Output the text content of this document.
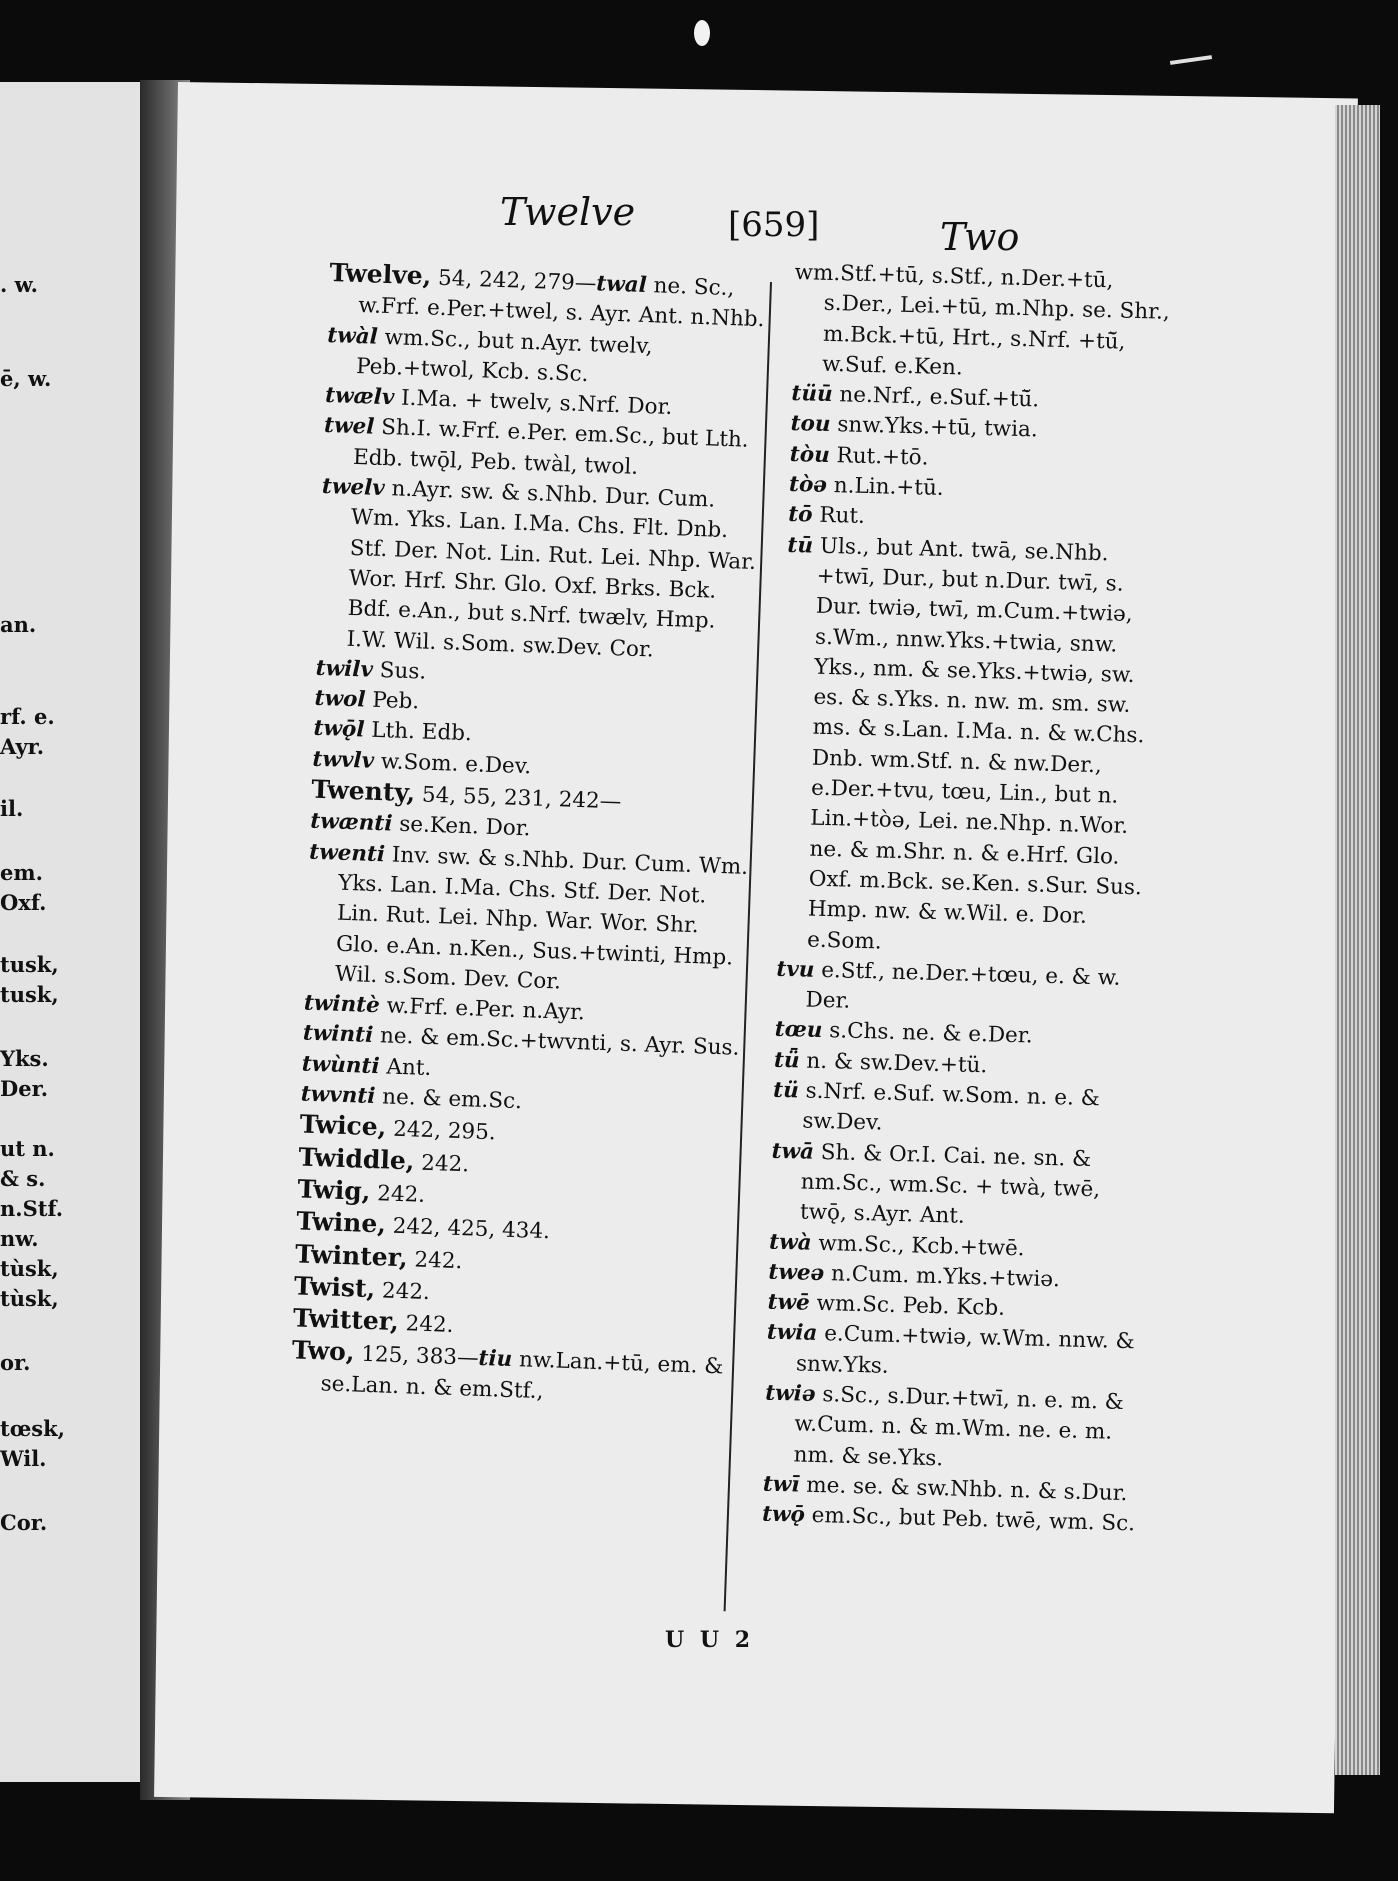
. w.
ē, w.
an.
rf. e.
Ayr.
il.
em.
Oxf.
tusk,
tusk,
Yks.
Der.
ut n.
& s.
n.Stf.
nw.
tùsk,
tùsk,
or.
tœsk,
Wil.
Cor.
Twelve	[659]	Two

Twelve, 54, 242, 279—twal ne. Sc., w.Frf. e.Per.+twel, s. Ayr. Ant. n.Nhb.

twàl wm.Sc., but n.Ayr. twelv, Peb.+twol, Kcb. s.Sc.

twælv I.Ma. + twelv, s.Nrf. Dor.

twel Sh.I. w.Frf. e.Per. em.Sc., but Lth. Edb. twǭl, Peb. twàl, twol.

twelv n.Ayr. sw. & s.Nhb. Dur. Cum. Wm. Yks. Lan. I.Ma. Chs. Flt. Dnb. Stf. Der. Not. Lin. Rut. Lei. Nhp. War. Wor. Hrf. Shr. Glo. Oxf. Brks. Bck. Bdf. e.An., but s.Nrf. twælv, Hmp. I.W. Wil. s.Som. sw.Dev. Cor.

twilv Sus.

twol Peb.

twǭl Lth. Edb.

twvlv w.Som. e.Dev.

Twenty, 54, 55, 231, 242—

twænti se.Ken. Dor.

twenti Inv. sw. & s.Nhb. Dur. Cum. Wm. Yks. Lan. I.Ma. Chs. Stf. Der. Not. Lin. Rut. Lei. Nhp. War. Wor. Shr. Glo. e.An. n.Ken., Sus.+twinti, Hmp. Wil. s.Som. Dev. Cor.

twintè w.Frf. e.Per. n.Ayr.

twinti ne. & em.Sc.+twvnti, s. Ayr. Sus.

twùnti Ant.

twvnti ne. & em.Sc.

Twice, 242, 295.

Twiddle, 242.

Twig, 242.

Twine, 242, 425, 434.

Twinter, 242.

Twist, 242.

Twitter, 242.

Two, 125, 383—tiu nw.Lan.+tū, em. & se.Lan. n. & em.Stf.,

wm.Stf.+tū, s.Stf., n.Der.+tū, s.Der., Lei.+tū, m.Nhp. se. Shr., m.Bck.+tū, Hrt., s.Nrf. +tū̆, w.Suf. e.Ken.

tüū ne.Nrf., e.Suf.+tū̆.

tou snw.Yks.+tū, twia.

tòu Rut.+tō.

tòə n.Lin.+tū.

tō Rut.

tū Uls., but Ant. twā, se.Nhb. +twī, Dur., but n.Dur. twī, s. Dur. twiə, twī, m.Cum.+twiə, s.Wm., nnw.Yks.+twia, snw. Yks., nm. & se.Yks.+twiə, sw. es. & s.Yks. n. nw. m. sm. sw. ms. & s.Lan. I.Ma. n. & w.Chs. Dnb. wm.Stf. n. & nw.Der., e.Der.+tvu, tœu, Lin., but n. Lin.+tòə, Lei. ne.Nhp. n.Wor. ne. & m.Shr. n. & e.Hrf. Glo. Oxf. m.Bck. se.Ken. s.Sur. Sus. Hmp. nw. & w.Wil. e. Dor. e.Som.

tvu e.Stf., ne.Der.+tœu, e. & w. Der.

tœu s.Chs. ne. & e.Der.

tǖ n. & sw.Dev.+tü.

tü s.Nrf. e.Suf. w.Som. n. e. & sw.Dev.

twā Sh. & Or.I. Cai. ne. sn. & nm.Sc., wm.Sc. + twà, twē, twǭ, s.Ayr. Ant.

twà wm.Sc., Kcb.+twē.

tweə n.Cum. m.Yks.+twiə.

twē wm.Sc. Peb. Kcb.

twia e.Cum.+twiə, w.Wm. nnw. & snw.Yks.

twiə s.Sc., s.Dur.+twī, n. e. m. & w.Cum. n. & m.Wm. ne. e. m. nm. & se.Yks.

twī me. se. & sw.Nhb. n. & s.Dur.

twǭ em.Sc., but Peb. twē, wm. Sc.

U U 2
